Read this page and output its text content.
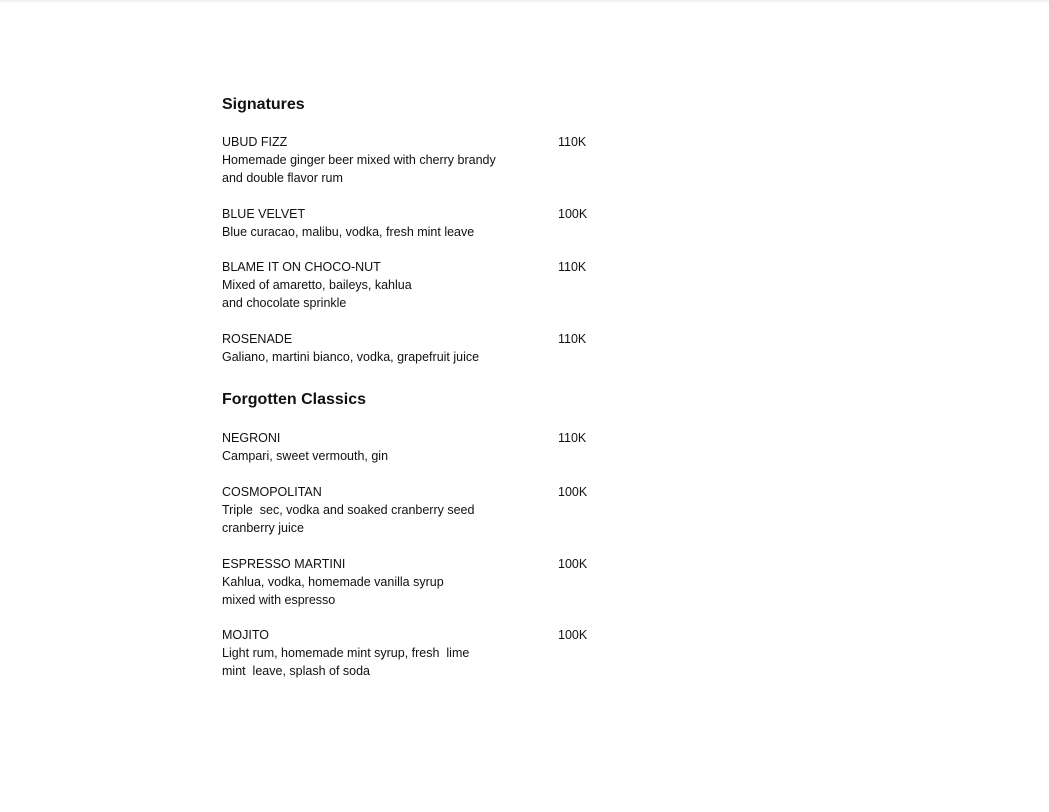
Signatures
UBUD FIZZ
Homemade ginger beer mixed with cherry brandy
and double flavor rum
110K
BLUE VELVET
Blue curacao, malibu, vodka, fresh mint leave
100K
BLAME IT ON CHOCO-NUT
Mixed of amaretto, baileys, kahlua
and chocolate sprinkle
110K
ROSENADE
Galiano, martini bianco, vodka, grapefruit juice
110K
Forgotten Classics
NEGRONI
Campari, sweet vermouth, gin
110K
COSMOPOLITAN
Triple  sec, vodka and soaked cranberry seed
cranberry juice
100K
ESPRESSO MARTINI
Kahlua, vodka, homemade vanilla syrup
mixed with espresso
100K
MOJITO
Light rum, homemade mint syrup, fresh  lime
mint  leave, splash of soda
100K
